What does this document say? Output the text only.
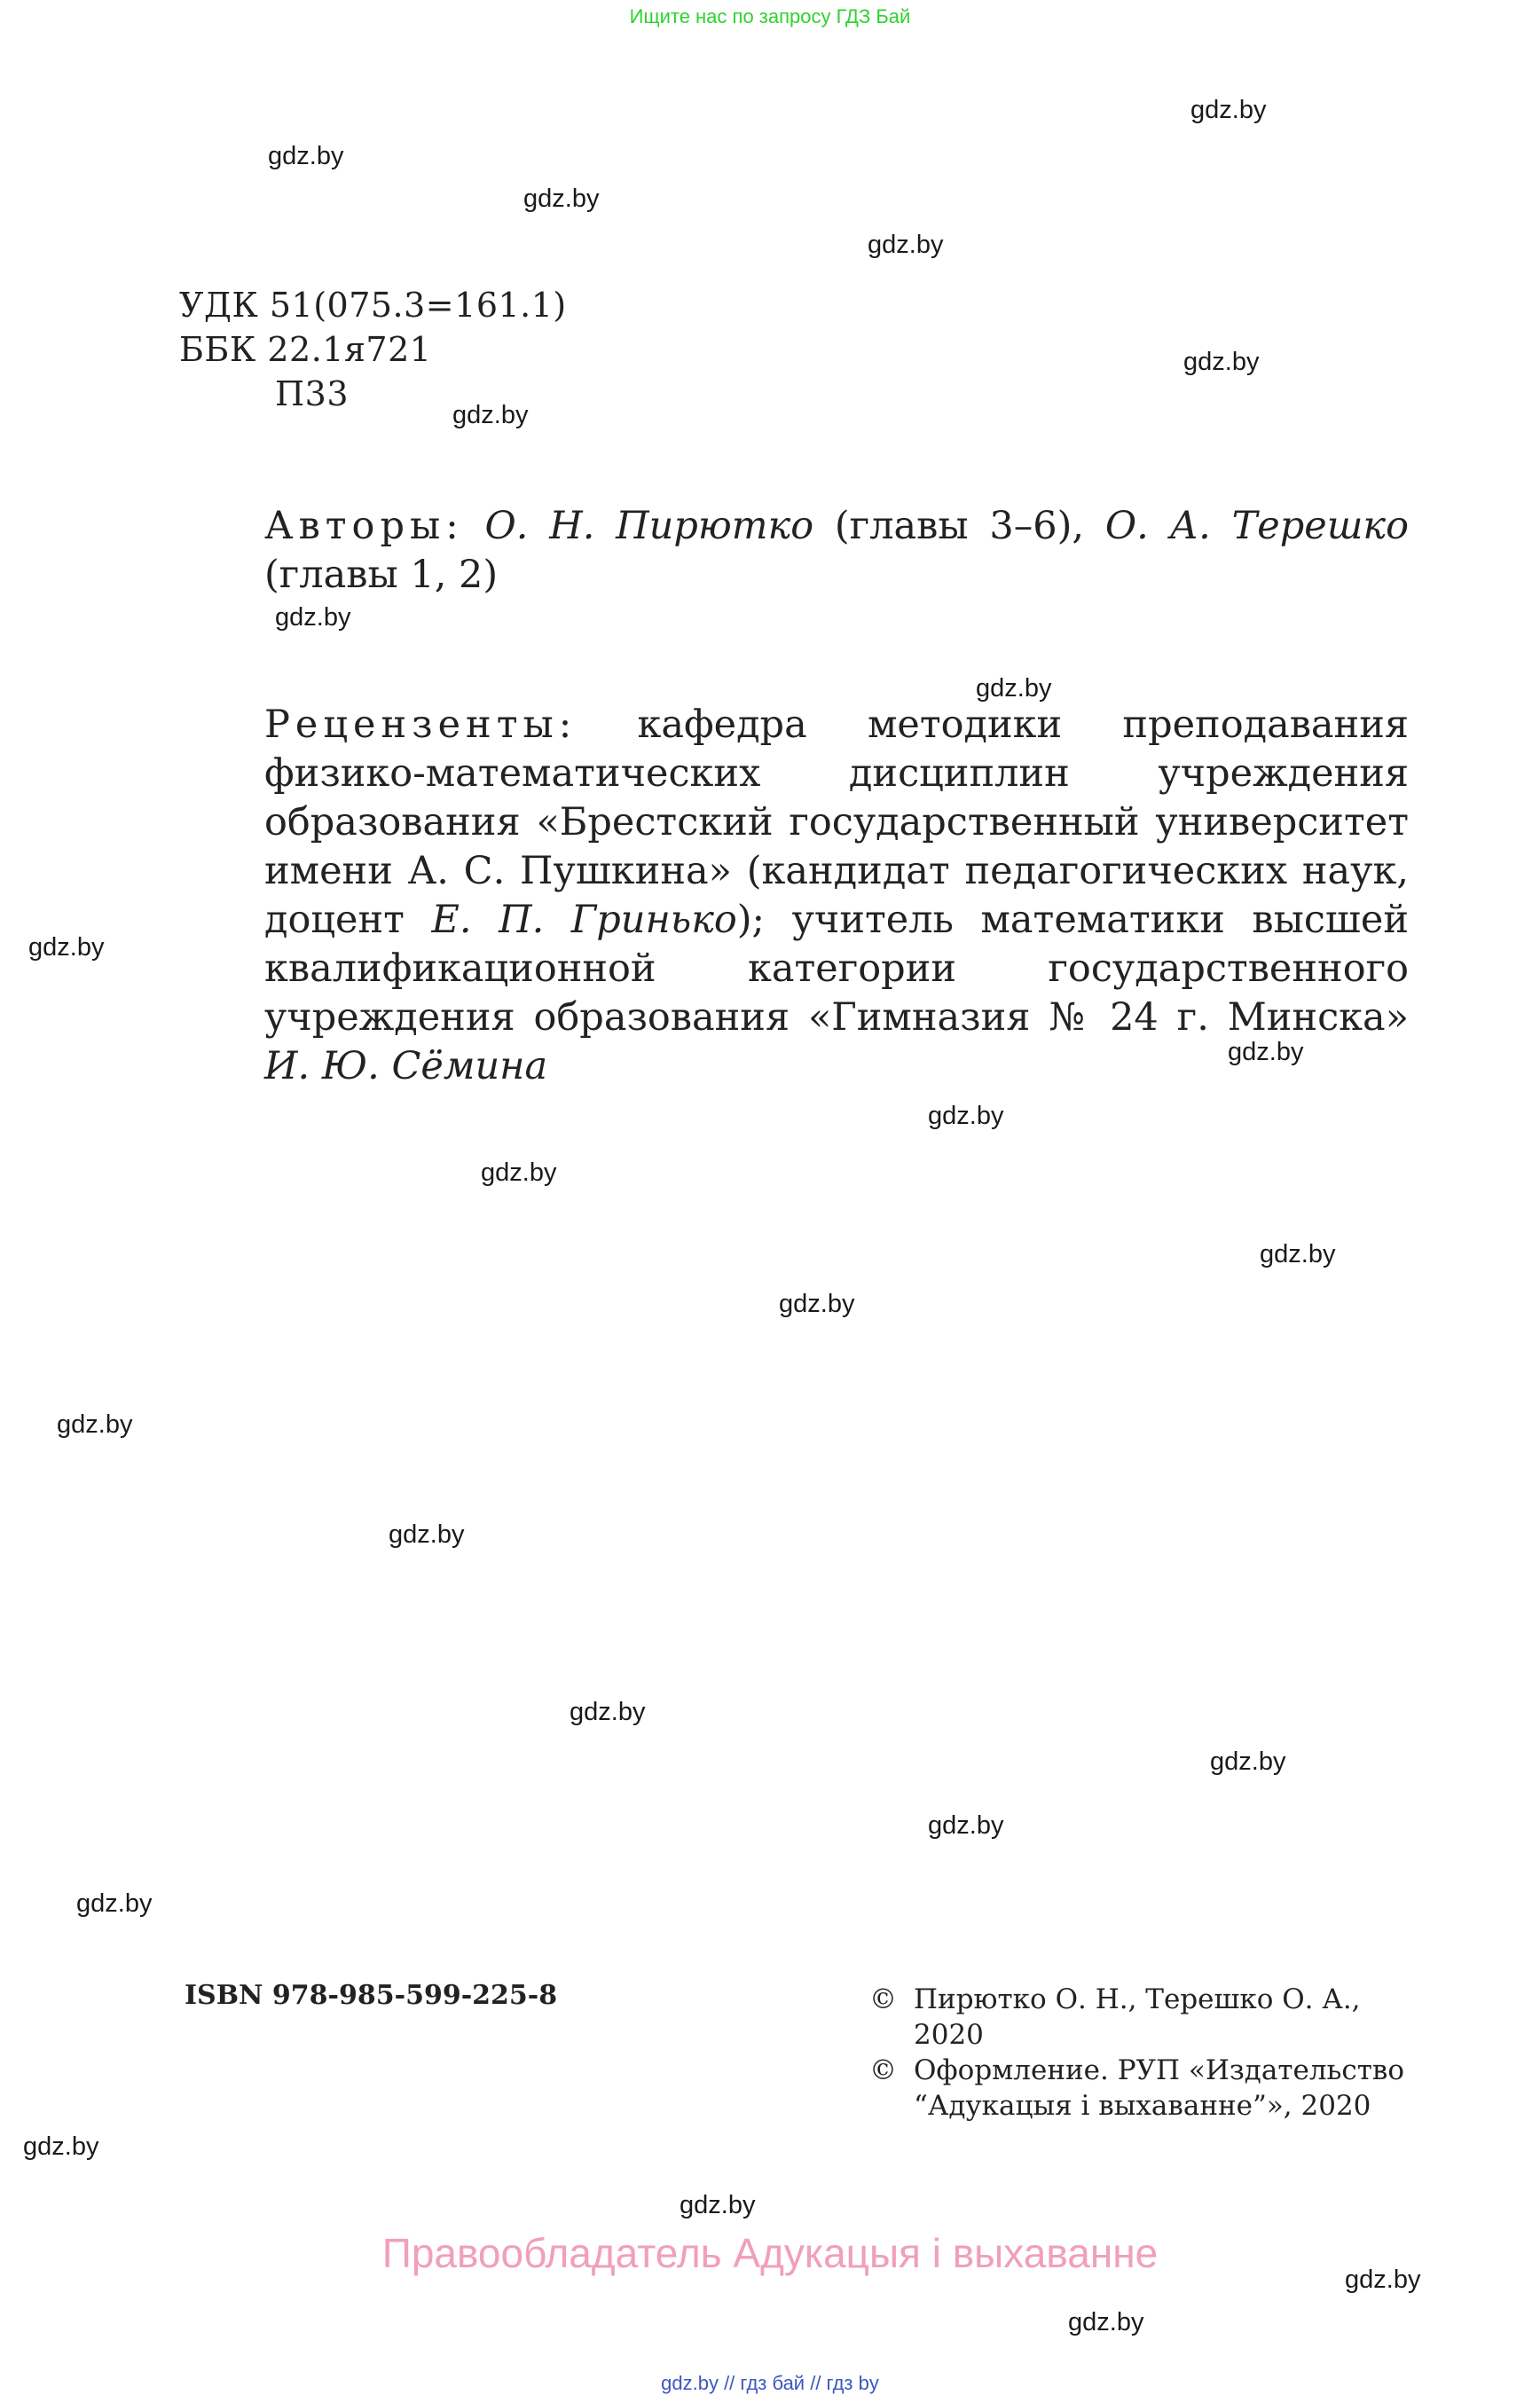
Ищите нас по запросу ГДЗ Бай
gdz.by
gdz.by
gdz.by
gdz.by
gdz.by
gdz.by
gdz.by
gdz.by
gdz.by
gdz.by
gdz.by
gdz.by
gdz.by
gdz.by
gdz.by
gdz.by
gdz.by
gdz.by
gdz.by
gdz.by
gdz.by
gdz.by
gdz.by
gdz.by
УДК 51(075.3=161.1)
ББК 22.1я721
П33
Авторы: О. Н. Пирютко (главы 3–6), О. А. Терешко (главы 1, 2)
Рецензенты: кафедра методики преподавания физико-математических дисциплин учреждения образования «Брестский государственный университет имени А. С. Пушкина» (кандидат педагогических наук, доцент Е. П. Гринько); учитель математики высшей квалификационной категории государственного учреждения образования «Гимназия № 24 г. Минска» И. Ю. Сёмина
ISBN 978-985-599-225-8	© Пирютко О. Н., Терешко О. А., 2020
© Оформление. РУП «Издательство “Адукацыя і выхаванне”», 2020
Правообладатель Адукацыя і выхаванне
gdz.by // гдз бай // гдз by
